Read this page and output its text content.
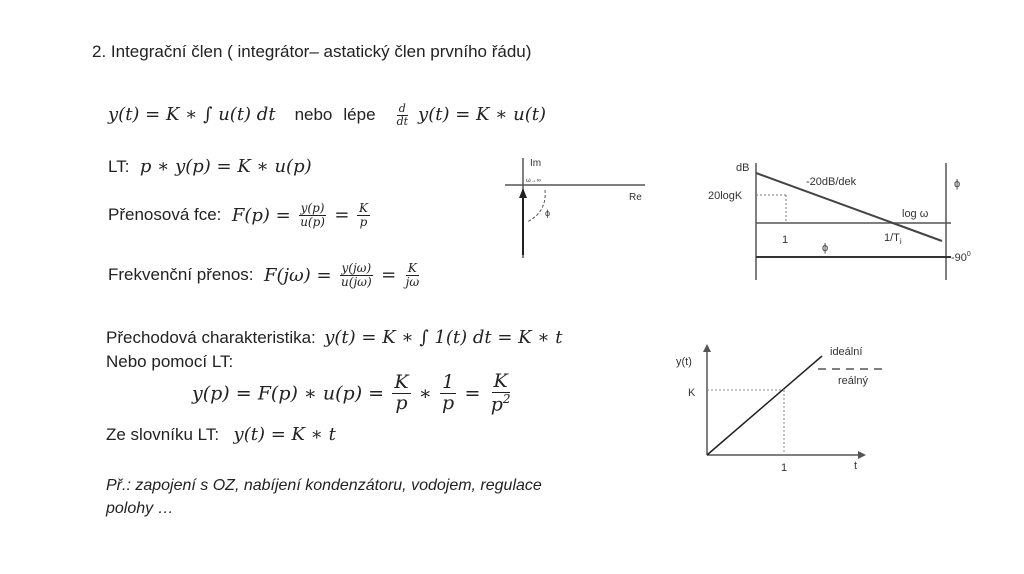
2. Integrační člen ( integrátor– astatický člen prvního řádu)
y(t) = K ∗ ∫ u(t) dt nebo lépe $\frac{d}{dt} y(t) = K$ ∗ u(t)
LT: p ∗ y(p) = K ∗ u(p)
Přenosová fce: $F(p) = \frac{y(p)}{u(p)} = \frac{K}{p}$
Frekvenční přenos: $F(j\omega) = \frac{y(j\omega)}{u(j\omega)} = \frac{K}{j\omega}$
Přechodová charakteristika: y(t) = K ∗ ∫ 1(t) dt = K ∗ t
Nebo pomocí LT:
y(p) = F(p) ∗ $u(p) = \frac{K}{p}$ ∗ $\frac{1}{p} = \frac{K}{p^2}$
Ze slovníku LT: y(t) = K ∗ t
Př.: zapojení s OZ, nabíjení kondenzátoru, vodojem, regulace polohy …
Im
Re
ω→∞
ϕ
dB
20logK
-20dB/dek
log ω
1	$1/T_i$
ϕ
ϕ
$-90^0$
y(t)
ideální
reálný
K
1	t
